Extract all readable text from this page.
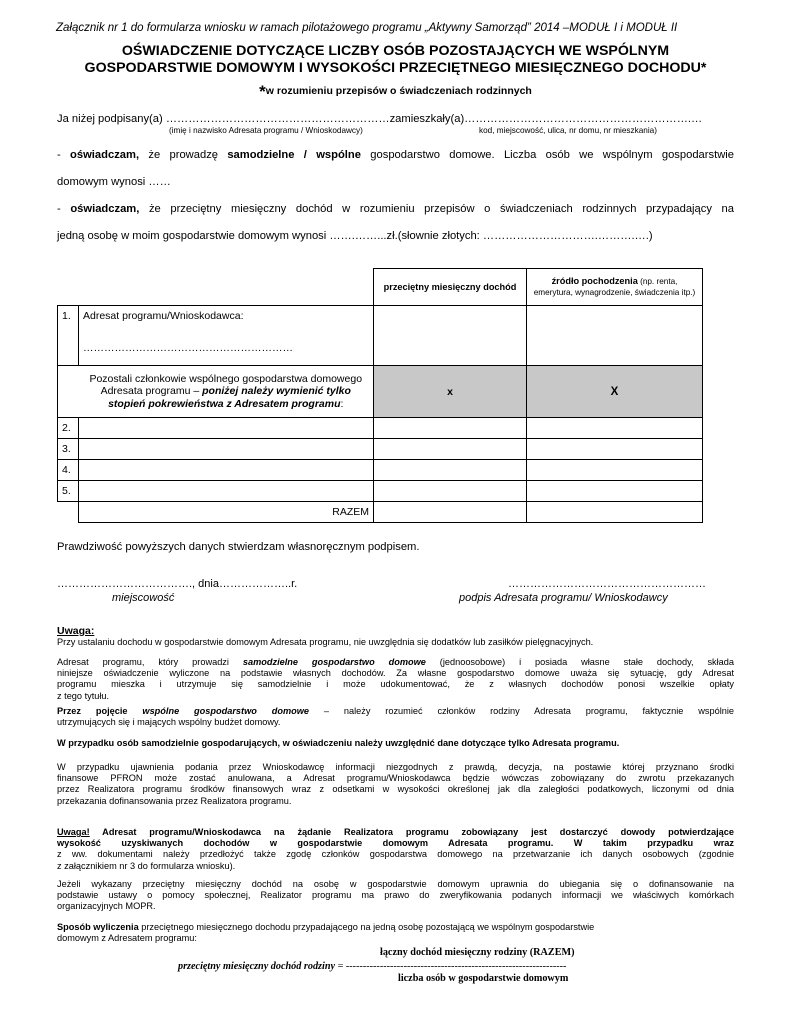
Załącznik nr 1 do formularza wniosku w ramach pilotażowego programu „Aktywny Samorząd” 2014 –MODUŁ I i MODUŁ II
OŚWIADCZENIE DOTYCZĄCE LICZBY OSÓB POZOSTAJĄCYCH WE WSPÓLNYM
GOSPODARSTWIE DOMOWYM I WYSOKOŚCI PRZECIĘTNEGO MIESIĘCZNEGO DOCHODU*
*w rozumieniu przepisów o świadczeniach rodzinnych
Ja niżej podpisany(a) ……………………………………………………zamieszkały(a)…………………………………………………….…
(imię i nazwisko Adresata programu / Wnioskodawcy)	kod, miejscowość, ulica, nr domu, nr mieszkania)
- oświadczam, że prowadzę samodzielne / wspólne gospodarstwo domowe. Liczba osób we wspólnym gospodarstwie
domowym wynosi ……
- oświadczam, że przeciętny miesięczny dochód w rozumieniu przepisów o świadczeniach rodzinnych przypadający na
jedną osobę w moim gospodarstwie domowym wynosi …….……...zł.(słownie złotych: ………………………….……….….)
		przeciętny miesięczny dochód	źródło pochodzenia (np. renta, emerytura, wynagrodzenie, świadczenia itp.)
1.	Adresat programu/Wnioskodawca:
……………………………………………………		

	Pozostali członkowie wspólnego gospodarstwa domowego Adresata programu – poniżej należy wymienić tylko stopień pokrewieństwa z Adresatem programu:	x	X
2.			
3.			
4.			
5.			
	RAZEM		
Prawdziwość powyższych danych stwierdzam własnoręcznym podpisem.
………………………………., dnia………………..r.	………………………………………………
miejscowość	podpis Adresata programu/ Wnioskodawcy
Uwaga:
Przy ustalaniu dochodu w gospodarstwie domowym Adresata programu, nie uwzględnia się dodatków lub zasiłków pielęgnacyjnych.
Adresat programu, który prowadzi samodzielne gospodarstwo domowe (jednoosobowe) i posiada własne stałe dochody, składa
niniejsze oświadczenie wyliczone na podstawie własnych dochodów. Za własne gospodarstwo domowe uważa się sytuację, gdy Adresat
programu mieszka i utrzymuje się samodzielnie i może udokumentować, że z własnych dochodów ponosi wszelkie opłaty
z tego tytułu.
Przez pojęcie wspólne gospodarstwo domowe – należy rozumieć członków rodziny Adresata programu, faktycznie wspólnie
utrzymujących się i mających wspólny budżet domowy.
W przypadku osób samodzielnie gospodarujących, w oświadczeniu należy uwzględnić dane dotyczące tylko Adresata programu.
W przypadku ujawnienia podania przez Wnioskodawcę informacji niezgodnych z prawdą, decyzja, na postawie której przyznano środki
finansowe PFRON może zostać anulowana, a Adresat programu/Wnioskodawca będzie wówczas zobowiązany do zwrotu przekazanych
przez Realizatora programu środków finansowych wraz z odsetkami w wysokości określonej jak dla zaległości podatkowych, liczonymi od dnia
przekazania dofinansowania przez Realizatora programu.
Uwaga! Adresat programu/Wnioskodawca na żądanie Realizatora programu zobowiązany jest dostarczyć dowody potwierdzające
wysokość uzyskiwanych dochodów w gospodarstwie domowym Adresata programu. W takim przypadku wraz
z ww. dokumentami należy przedłożyć także zgodę członków gospodarstwa domowego na przetwarzanie ich danych osobowych (zgodnie
z załącznikiem nr 3 do formularza wniosku).
Jeżeli wykazany przeciętny miesięczny dochód na osobę w gospodarstwie domowym uprawnia do ubiegania się o dofinansowanie na
podstawie ustawy o pomocy społecznej, Realizator programu ma prawo do zweryfikowania podanych informacji we właściwych komórkach
organizacyjnych MOPR.
Sposób wyliczenia przeciętnego miesięcznego dochodu przypadającego na jedną osobę pozostającą we wspólnym gospodarstwie
domowym z Adresatem programu:
łączny dochód miesięczny rodziny (RAZEM)
przeciętny miesięczny dochód rodziny = -----------------------------------------------------------------
liczba osób w gospodarstwie domowym
